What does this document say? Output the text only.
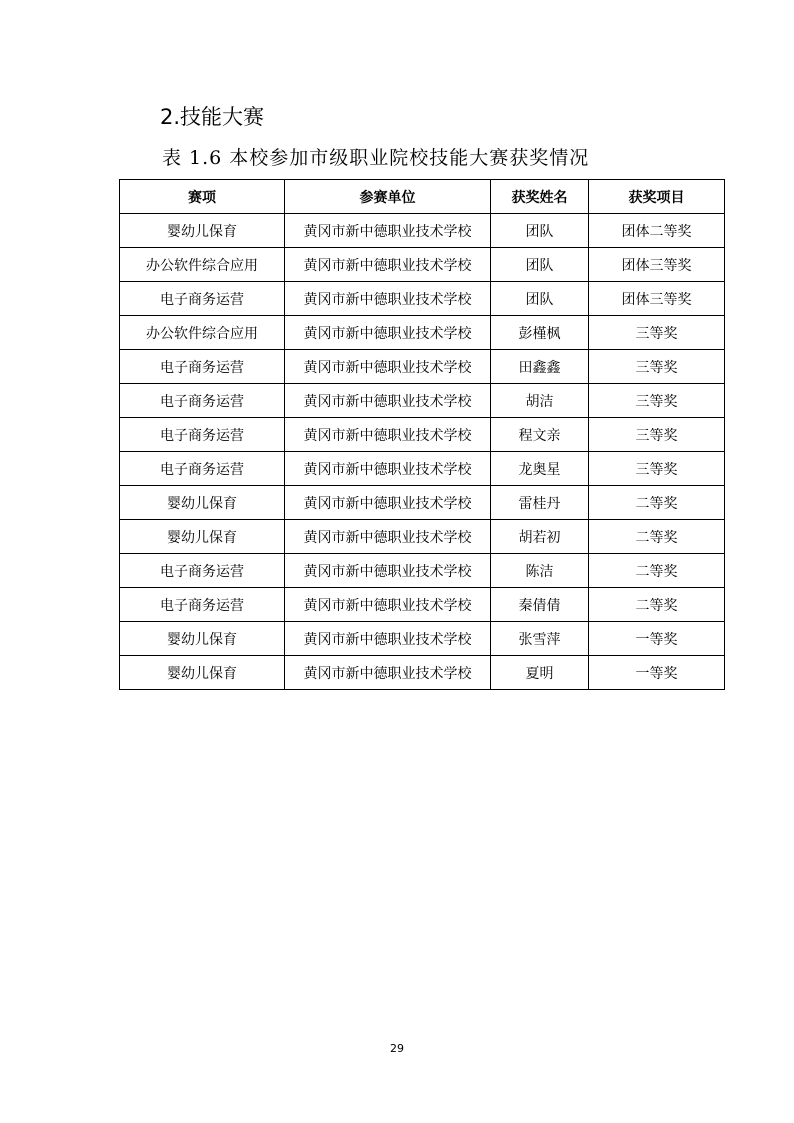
2.技能大赛
表 1.6 本校参加市级职业院校技能大赛获奖情况
赛项	参赛单位	获奖姓名	获奖项目
婴幼儿保育	黄冈市新中德职业技术学校	团队	团体二等奖
办公软件综合应用	黄冈市新中德职业技术学校	团队	团体三等奖
电子商务运营	黄冈市新中德职业技术学校	团队	团体三等奖
办公软件综合应用	黄冈市新中德职业技术学校	彭槿枫	三等奖
电子商务运营	黄冈市新中德职业技术学校	田鑫鑫	三等奖
电子商务运营	黄冈市新中德职业技术学校	胡洁	三等奖
电子商务运营	黄冈市新中德职业技术学校	程文亲	三等奖
电子商务运营	黄冈市新中德职业技术学校	龙奥星	三等奖
婴幼儿保育	黄冈市新中德职业技术学校	雷桂丹	二等奖
婴幼儿保育	黄冈市新中德职业技术学校	胡若初	二等奖
电子商务运营	黄冈市新中德职业技术学校	陈洁	二等奖
电子商务运营	黄冈市新中德职业技术学校	秦倩倩	二等奖
婴幼儿保育	黄冈市新中德职业技术学校	张雪萍	一等奖
婴幼儿保育	黄冈市新中德职业技术学校	夏明	一等奖
29
